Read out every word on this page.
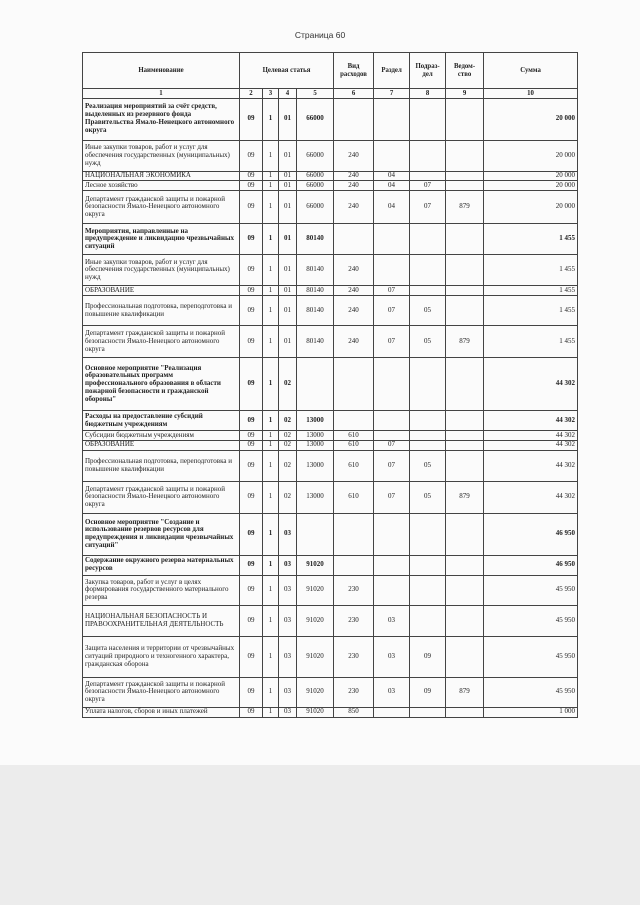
Страница 60
Наименование	Целевая статья				Вид расходов	Раздел	Подраз-дел	Ведом-ство	Сумма
1	2	3	4	5	6	7	8	9	10
Реализация мероприятий за счёт средств, выделенных из резервного фонда Правительства Ямало-Ненецкого автономного округа	09	1	01	66000					20 000
Иные закупки товаров, работ и услуг для обеспечения государственных (муниципальных) нужд	09	1	01	66000	240				20 000
НАЦИОНАЛЬНАЯ ЭКОНОМИКА	09	1	01	66000	240	04			20 000
Лесное хозяйство	09	1	01	66000	240	04	07		20 000
Департамент гражданской защиты и пожарной безопасности Ямало-Ненецкого автономного округа	09	1	01	66000	240	04	07	879	20 000
Мероприятия, направленные на предупреждение и ликвидацию чрезвычайных ситуаций	09	1	01	80140					1 455
Иные закупки товаров, работ и услуг для обеспечения государственных (муниципальных) нужд	09	1	01	80140	240				1 455
ОБРАЗОВАНИЕ	09	1	01	80140	240	07			1 455
Профессиональная подготовка, переподготовка и повышение квалификации	09	1	01	80140	240	07	05		1 455
Департамент гражданской защиты и пожарной безопасности Ямало-Ненецкого автономного округа	09	1	01	80140	240	07	05	879	1 455
Основное мероприятие "Реализация образовательных программ профессионального образования в области пожарной безопасности и гражданской обороны"	09	1	02						44 302
Расходы на предоставление субсидий бюджетным учреждениям	09	1	02	13000					44 302
Субсидии бюджетным учреждениям	09	1	02	13000	610				44 302
ОБРАЗОВАНИЕ	09	1	02	13000	610	07			44 302
Профессиональная подготовка, переподготовка и повышение квалификации	09	1	02	13000	610	07	05		44 302
Департамент гражданской защиты и пожарной безопасности Ямало-Ненецкого автономного округа	09	1	02	13000	610	07	05	879	44 302
Основное мероприятие "Создание и использование резервов ресурсов для предупреждения и ликвидации чрезвычайных ситуаций"	09	1	03						46 950
Содержание окружного резерва материальных ресурсов	09	1	03	91020					46 950
Закупка товаров, работ и услуг в целях формирования государственного материального резерва	09	1	03	91020	230				45 950
НАЦИОНАЛЬНАЯ БЕЗОПАСНОСТЬ И ПРАВООХРАНИТЕЛЬНАЯ ДЕЯТЕЛЬНОСТЬ	09	1	03	91020	230	03			45 950
Защита населения и территории от чрезвычайных ситуаций природного и техногенного характера, гражданская оборона	09	1	03	91020	230	03	09		45 950
Департамент гражданской защиты и пожарной безопасности Ямало-Ненецкого автономного округа	09	1	03	91020	230	03	09	879	45 950
Уплата налогов, сборов и иных платежей	09	1	03	91020	850				1 000
